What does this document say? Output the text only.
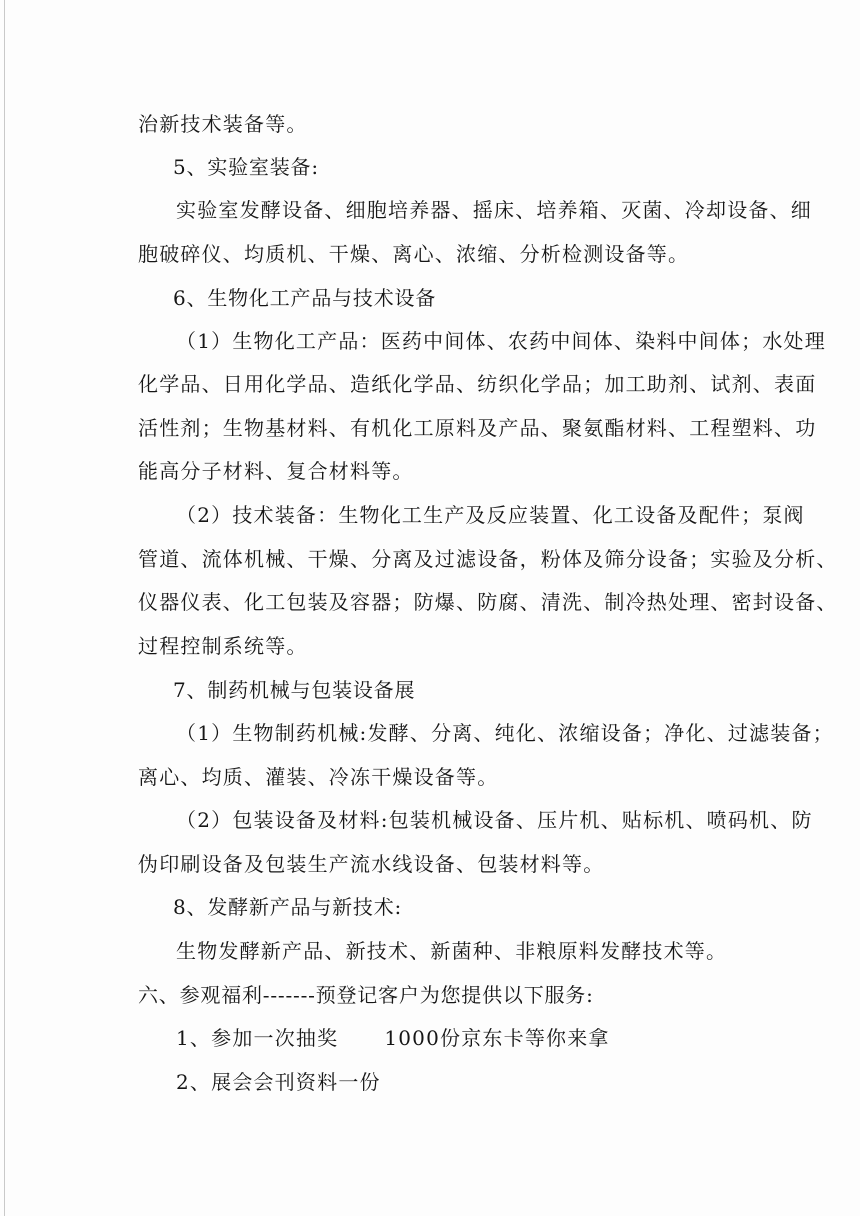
治新技术装备等。
5、实验室装备:
实验室发酵设备、细胞培养器、摇床、培养箱、灭菌、冷却设备、细
胞破碎仪、均质机、干燥、离心、浓缩、分析检测设备等。
6、生物化工产品与技术设备
（1）生物化工产品：医药中间体、农药中间体、染料中间体；水处理
化学品、日用化学品、造纸化学品、纺织化学品；加工助剂、试剂、表面
活性剂；生物基材料、有机化工原料及产品、聚氨酯材料、工程塑料、功
能高分子材料、复合材料等。
（2）技术装备：生物化工生产及反应装置、化工设备及配件；泵阀
管道、流体机械、干燥、分离及过滤设备，粉体及筛分设备；实验及分析、
仪器仪表、化工包装及容器；防爆、防腐、清洗、制冷热处理、密封设备、
过程控制系统等。
7、制药机械与包装设备展
（1）生物制药机械:发酵、分离、纯化、浓缩设备；净化、过滤装备；
离心、均质、灌装、冷冻干燥设备等。
（2）包装设备及材料:包装机械设备、压片机、贴标机、喷码机、防
伪印刷设备及包装生产流水线设备、包装材料等。
8、发酵新产品与新技术:
生物发酵新产品、新技术、新菌种、非粮原料发酵技术等。
六、参观福利-------预登记客户为您提供以下服务:
1、参加一次抽奖 1000份京东卡等你来拿
2、展会会刊资料一份
